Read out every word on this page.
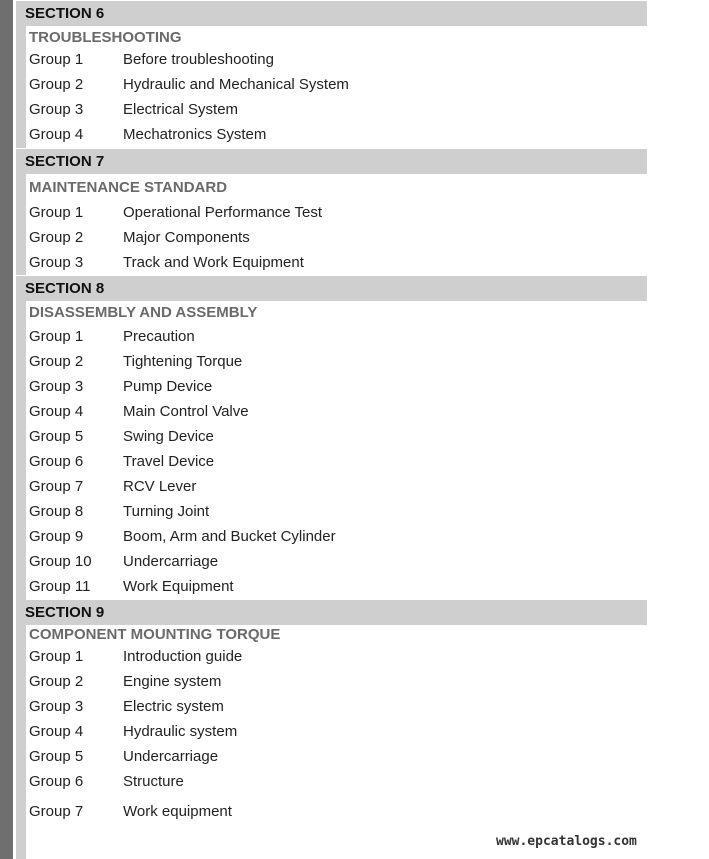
SECTION 6
TROUBLESHOOTING
Group 1	Before troubleshooting
Group 2	Hydraulic and Mechanical System
Group 3	Electrical System
Group 4	Mechatronics System
SECTION 7
MAINTENANCE STANDARD
Group 1	Operational Performance Test
Group 2	Major Components
Group 3	Track and Work Equipment
SECTION 8
DISASSEMBLY AND ASSEMBLY
Group 1	Precaution
Group 2	Tightening Torque
Group 3	Pump Device
Group 4	Main Control Valve
Group 5	Swing Device
Group 6	Travel Device
Group 7	RCV Lever
Group 8	Turning Joint
Group 9	Boom, Arm and Bucket Cylinder
Group 10 Undercarriage
Group 11 Work Equipment
SECTION 9
COMPONENT MOUNTING TORQUE
Group 1	Introduction guide
Group 2	Engine system
Group 3	Electric system
Group 4	Hydraulic system
Group 5	Undercarriage
Group 6	Structure
Group 7	Work equipment
www.epcatalogs.com
